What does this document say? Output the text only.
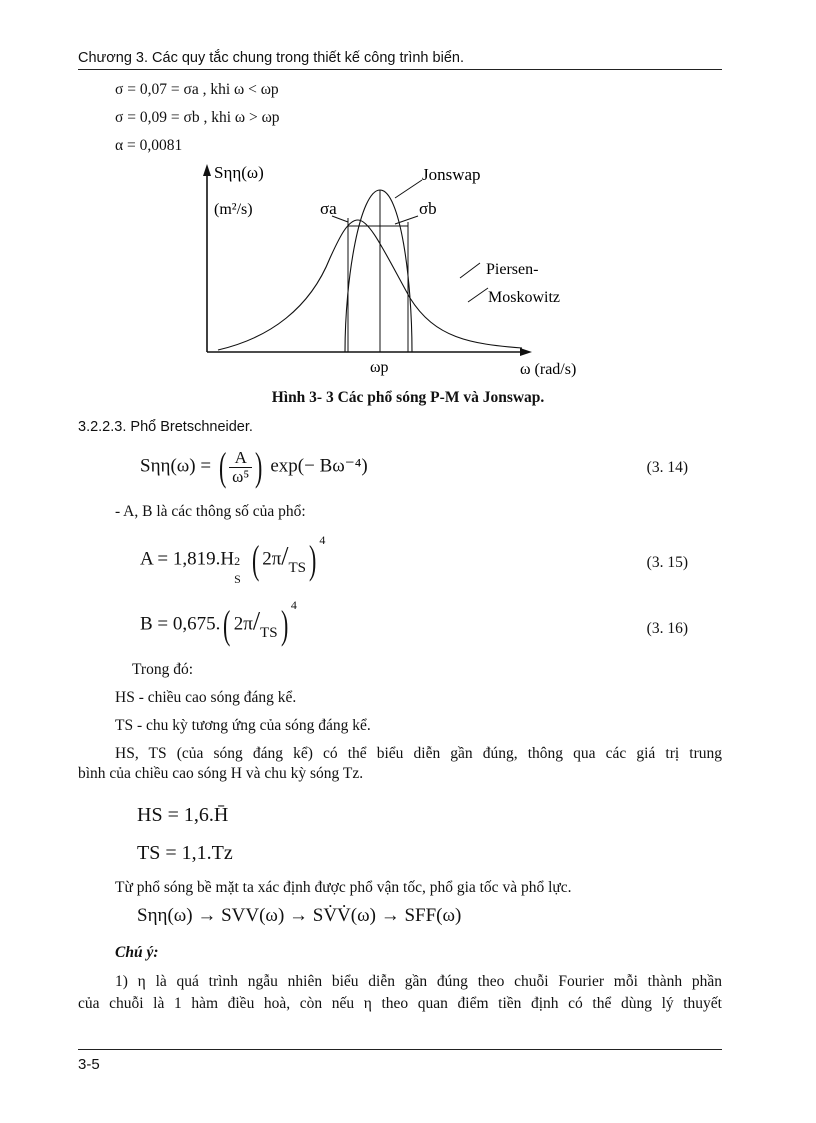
Chương 3. Các quy tắc chung trong thiết kế công trình biển.
σ = 0,07 = σa , khi ω < ωp
σ = 0,09 = σb , khi ω > ωp
α = 0,0081
Sηη(ω)
(m²/s)
Jonswap
σa	σb
Piersen-
Moskowitz
ωp	ω (rad/s)
Hình 3- 3 Các phổ sóng P-M và Jonswap.
3.2.2.3. Phổ Bretschneider.
Sηη(ω) = ( $\frac{A}{\text{ω⁵}}$ ) exp(− Bω⁻⁴)	(3. 14)
- A, B là các thông số của phổ:
A = 1,819.H 2
S ( $2\pi/_{TS}$) $^4$
(3. 15)
B = 0,675.( $2\pi/_{TS}$) $^4$
(3. 16)
Trong đó:
HS - chiều cao sóng đáng kể.
TS - chu kỳ tương ứng của sóng đáng kể.
HS, TS (của sóng đáng kể) có thể biểu diễn gần đúng, thông qua các giá trị trung
bình của chiều cao sóng H và chu kỳ sóng Tz.
HS = 1,6.H̄
TS = 1,1.Tz
Từ phổ sóng bề mặt ta xác định được phổ vận tốc, phổ gia tốc và phổ lực.
Sηη(ω) → SVV(ω) → SV̇V̇(ω) → SFF(ω)
Chú ý:
1) η là quá trình ngẫu nhiên biểu diễn gần đúng theo chuỗi Fourier mỗi thành phần
của chuỗi là 1 hàm điều hoà, còn nếu η theo quan điểm tiền định có thể dùng lý thuyết
3-5
